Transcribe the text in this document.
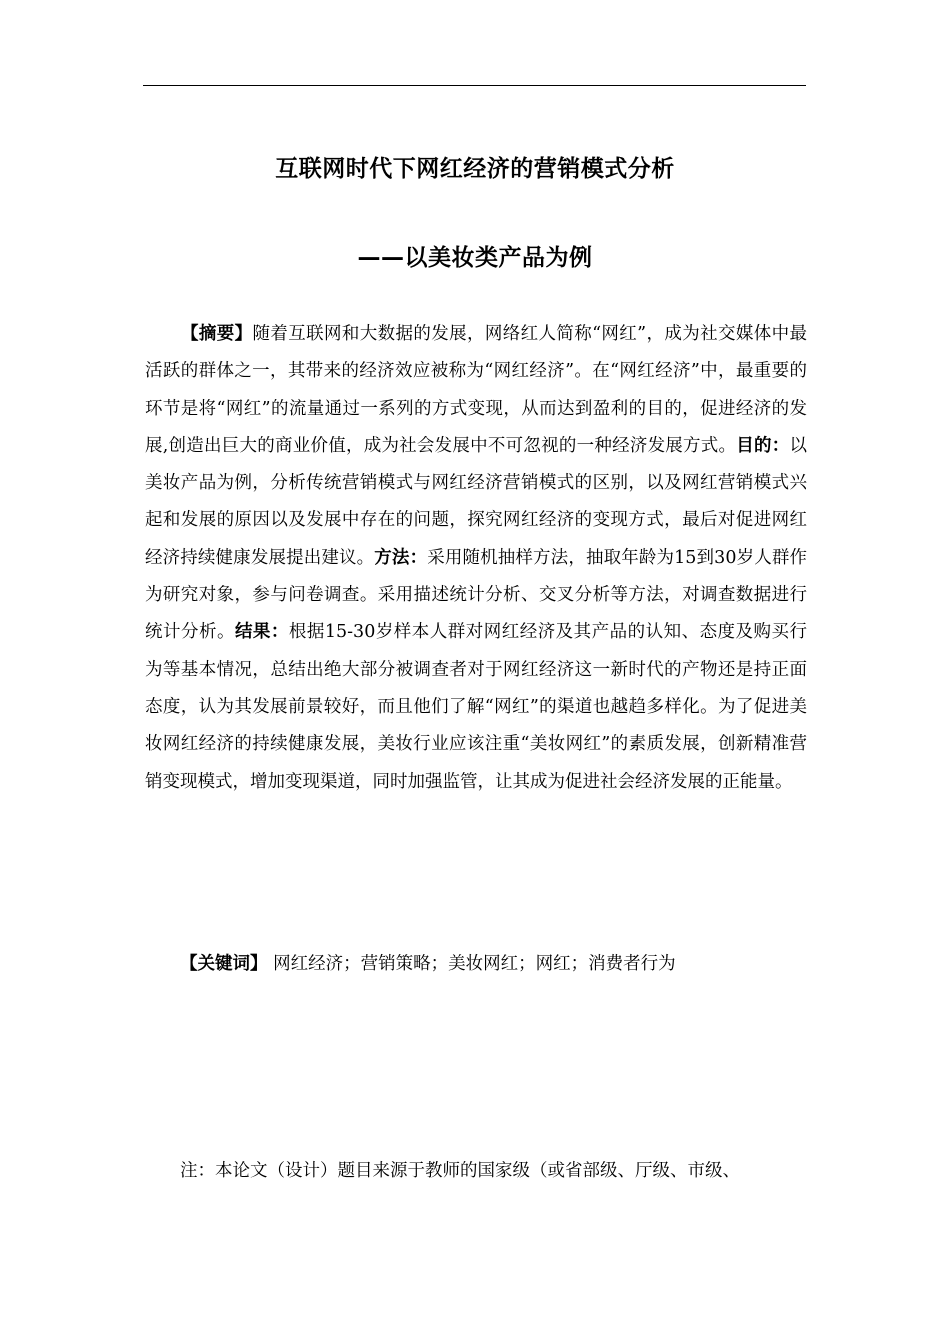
互联网时代下网红经济的营销模式分析
——以美妆类产品为例

【摘要】随着互联网和大数据的发展，网络红人简称“网红”，成为社交媒体中最活跃的群体之一，其带来的经济效应被称为“网红经济”。在“网红经济”中，最重要的环节是将“网红”的流量通过一系列的方式变现，从而达到盈利的目的，促进经济的发展,创造出巨大的商业价值，成为社会发展中不可忽视的一种经济发展方式。目的：以美妆产品为例，分析传统营销模式与网红经济营销模式的区别，以及网红营销模式兴起和发展的原因以及发展中存在的问题，探究网红经济的变现方式，最后对促进网红经济持续健康发展提出建议。方法：采用随机抽样方法，抽取年龄为15到30岁人群作为研究对象，参与问卷调查。采用描述统计分析、交叉分析等方法，对调查数据进行统计分析。结果：根据15-30岁样本人群对网红经济及其产品的认知、态度及购买行为等基本情况，总结出绝大部分被调查者对于网红经济这一新时代的产物还是持正面态度，认为其发展前景较好，而且他们了解“网红”的渠道也越趋多样化。为了促进美妆网红经济的持续健康发展，美妆行业应该注重“美妆网红”的素质发展，创新精准营销变现模式，增加变现渠道，同时加强监管，让其成为促进社会经济发展的正能量。

【关键词】 网红经济；营销策略；美妆网红；网红；消费者行为

注：本论文（设计）题目来源于教师的国家级（或省部级、厅级、市级、
